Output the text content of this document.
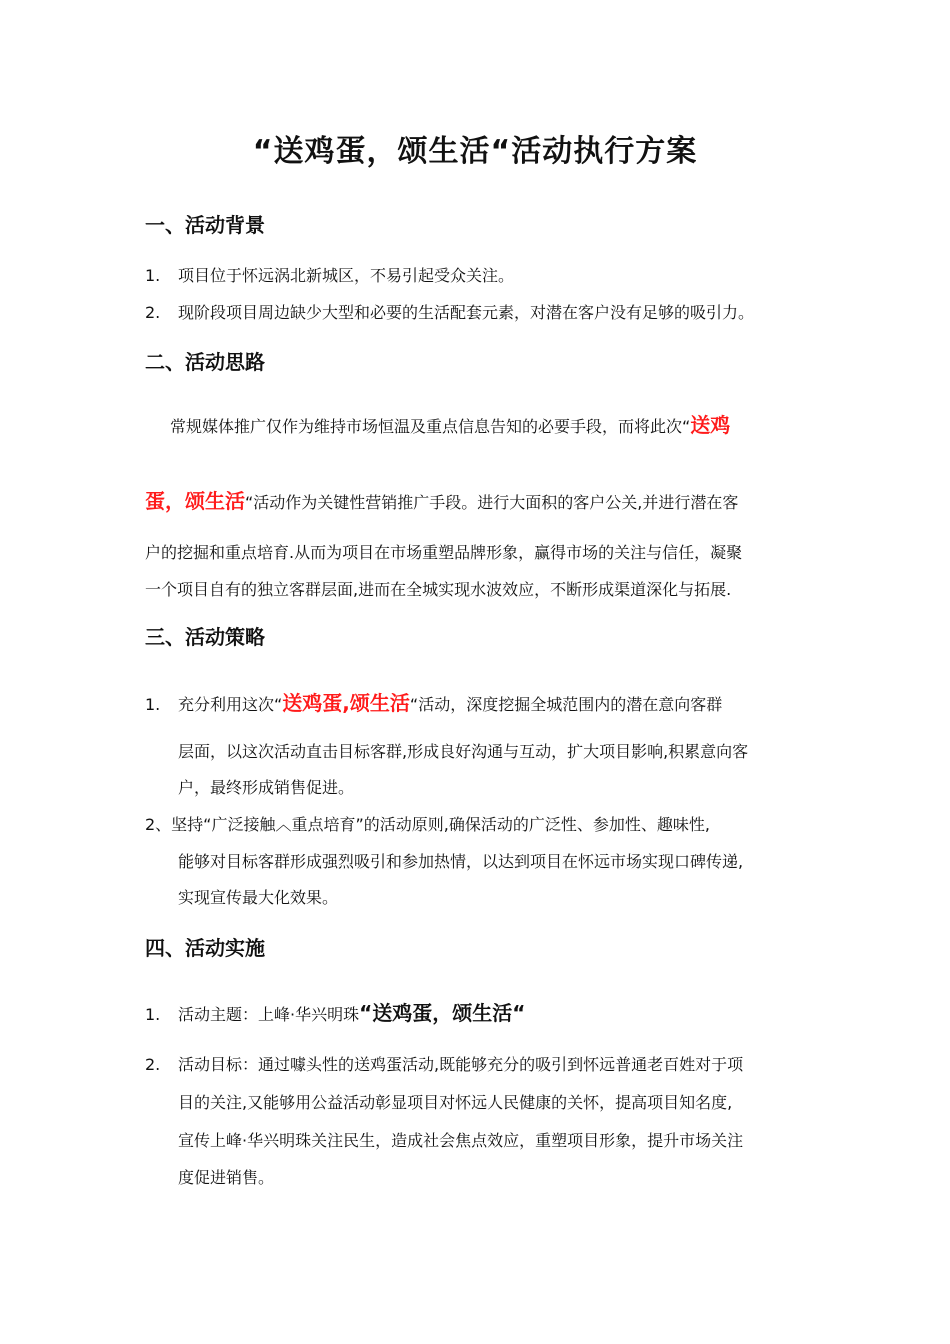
“送鸡蛋，颂生活“活动执行方案
一、活动背景
1. 项目位于怀远涡北新城区，不易引起受众关注。
2. 现阶段项目周边缺少大型和必要的生活配套元素，对潜在客户没有足够的吸引力。
二、活动思路
常规媒体推广仅作为维持市场恒温及重点信息告知的必要手段，而将此次“送鸡
蛋，颂生活“活动作为关键性营销推广手段。进行大面积的客户公关,并进行潜在客
户的挖掘和重点培育.从而为项目在市场重塑品牌形象，赢得市场的关注与信任，凝聚
一个项目自有的独立客群层面,进而在全城实现水波效应，不断形成渠道深化与拓展.
三、活动策略
1. 充分利用这次“送鸡蛋,颂生活“活动，深度挖掘全城范围内的潜在意向客群
层面，以这次活动直击目标客群,形成良好沟通与互动，扩大项目影响,积累意向客
户，最终形成销售促进。
2、坚持“广泛接触︿重点培育”的活动原则,确保活动的广泛性、参加性、趣味性,
能够对目标客群形成强烈吸引和参加热情，以达到项目在怀远市场实现口碑传递,
实现宣传最大化效果。
四、活动实施
1. 活动主题：上峰·华兴明珠“送鸡蛋，颂生活“
2. 活动目标：通过噱头性的送鸡蛋活动,既能够充分的吸引到怀远普通老百姓对于项
目的关注,又能够用公益活动彰显项目对怀远人民健康的关怀，提高项目知名度,
宣传上峰·华兴明珠关注民生，造成社会焦点效应，重塑项目形象，提升市场关注
度促进销售。
